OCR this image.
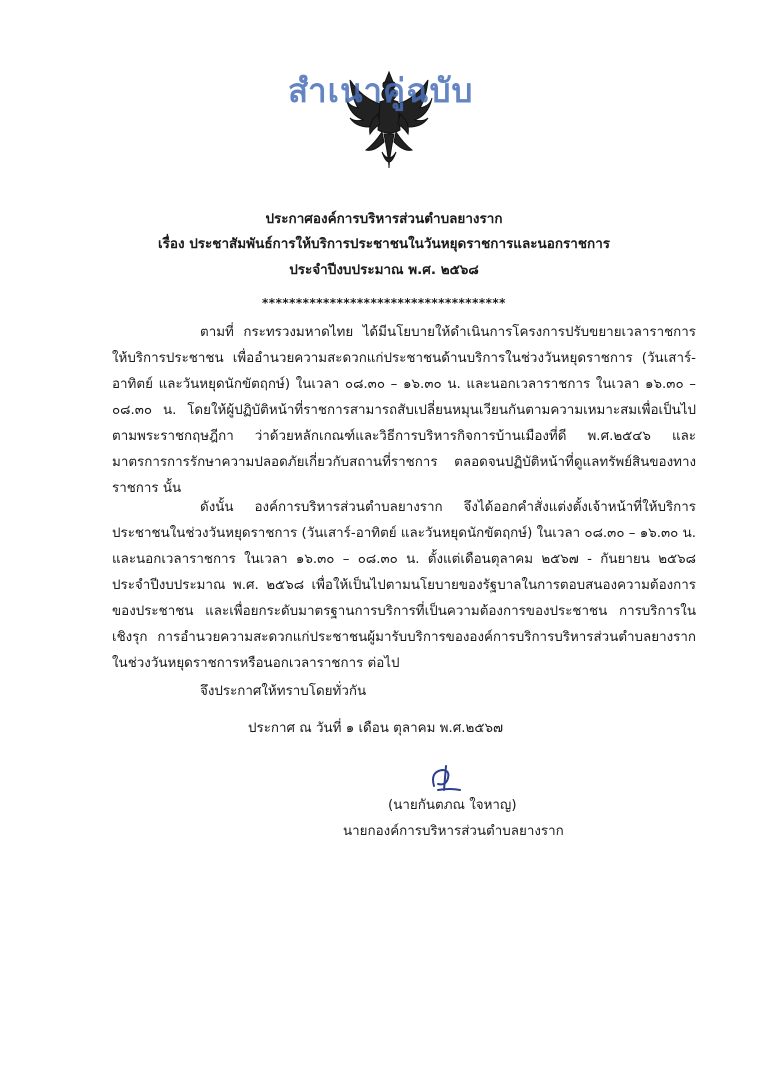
สำเนาคู่ฉบับ
ประกาศองค์การบริหารส่วนตำบลยางราก
เรื่อง ประชาสัมพันธ์การให้บริการประชาชนในวันหยุดราชการและนอกราชการ
ประจำปีงบประมาณ พ.ศ. ๒๕๖๘
************************************
ตามที่ กระทรวงมหาดไทย ได้มีนโยบายให้ดำเนินการโครงการปรับขยายเวลาราชการให้บริการประชาชน เพื่ออำนวยความสะดวกแก่ประชาชนด้านบริการในช่วงวันหยุดราชการ (วันเสาร์-อาทิตย์ และวันหยุดนักขัตฤกษ์) ในเวลา ๐๘.๓๐ – ๑๖.๓๐ น. และนอกเวลาราชการ ในเวลา ๑๖.๓๐ – ๐๘.๓๐ น. โดยให้ผู้ปฏิบัติหน้าที่ราชการสามารถสับเปลี่ยนหมุนเวียนกันตามความเหมาะสมเพื่อเป็นไปตามพระราชกฤษฎีกา ว่าด้วยหลักเกณฑ์และวิธีการบริหารกิจการบ้านเมืองที่ดี พ.ศ.๒๕๔๖ และมาตรการการรักษาความปลอดภัยเกี่ยวกับสถานที่ราชการ ตลอดจนปฏิบัติหน้าที่ดูแลทรัพย์สินของทางราชการ นั้น
ดังนั้น องค์การบริหารส่วนตำบลยางราก จึงได้ออกคำสั่งแต่งตั้งเจ้าหน้าที่ให้บริการประชาชนในช่วงวันหยุดราชการ (วันเสาร์-อาทิตย์ และวันหยุดนักขัตฤกษ์) ในเวลา ๐๘.๓๐ – ๑๖.๓๐ น. และนอกเวลาราชการ ในเวลา ๑๖.๓๐ – ๐๘.๓๐ น. ตั้งแต่เดือนตุลาคม ๒๕๖๗ - กันยายน ๒๕๖๘ ประจำปีงบประมาณ พ.ศ. ๒๕๖๘ เพื่อให้เป็นไปตามนโยบายของรัฐบาลในการตอบสนองความต้องการของประชาชน และเพื่อยกระดับมาตรฐานการบริการที่เป็นความต้องการของประชาชน การบริการในเชิงรุก การอำนวยความสะดวกแก่ประชาชนผู้มารับบริการขององค์การบริการบริหารส่วนตำบลยางราก ในช่วงวันหยุดราชการหรือนอกเวลาราชการ ต่อไป
จึงประกาศให้ทราบโดยทั่วกัน
ประกาศ ณ วันที่ ๑ เดือน ตุลาคม พ.ศ.๒๕๖๗
(นายกันตภณ ใจหาญ)
นายกองค์การบริหารส่วนตำบลยางราก
